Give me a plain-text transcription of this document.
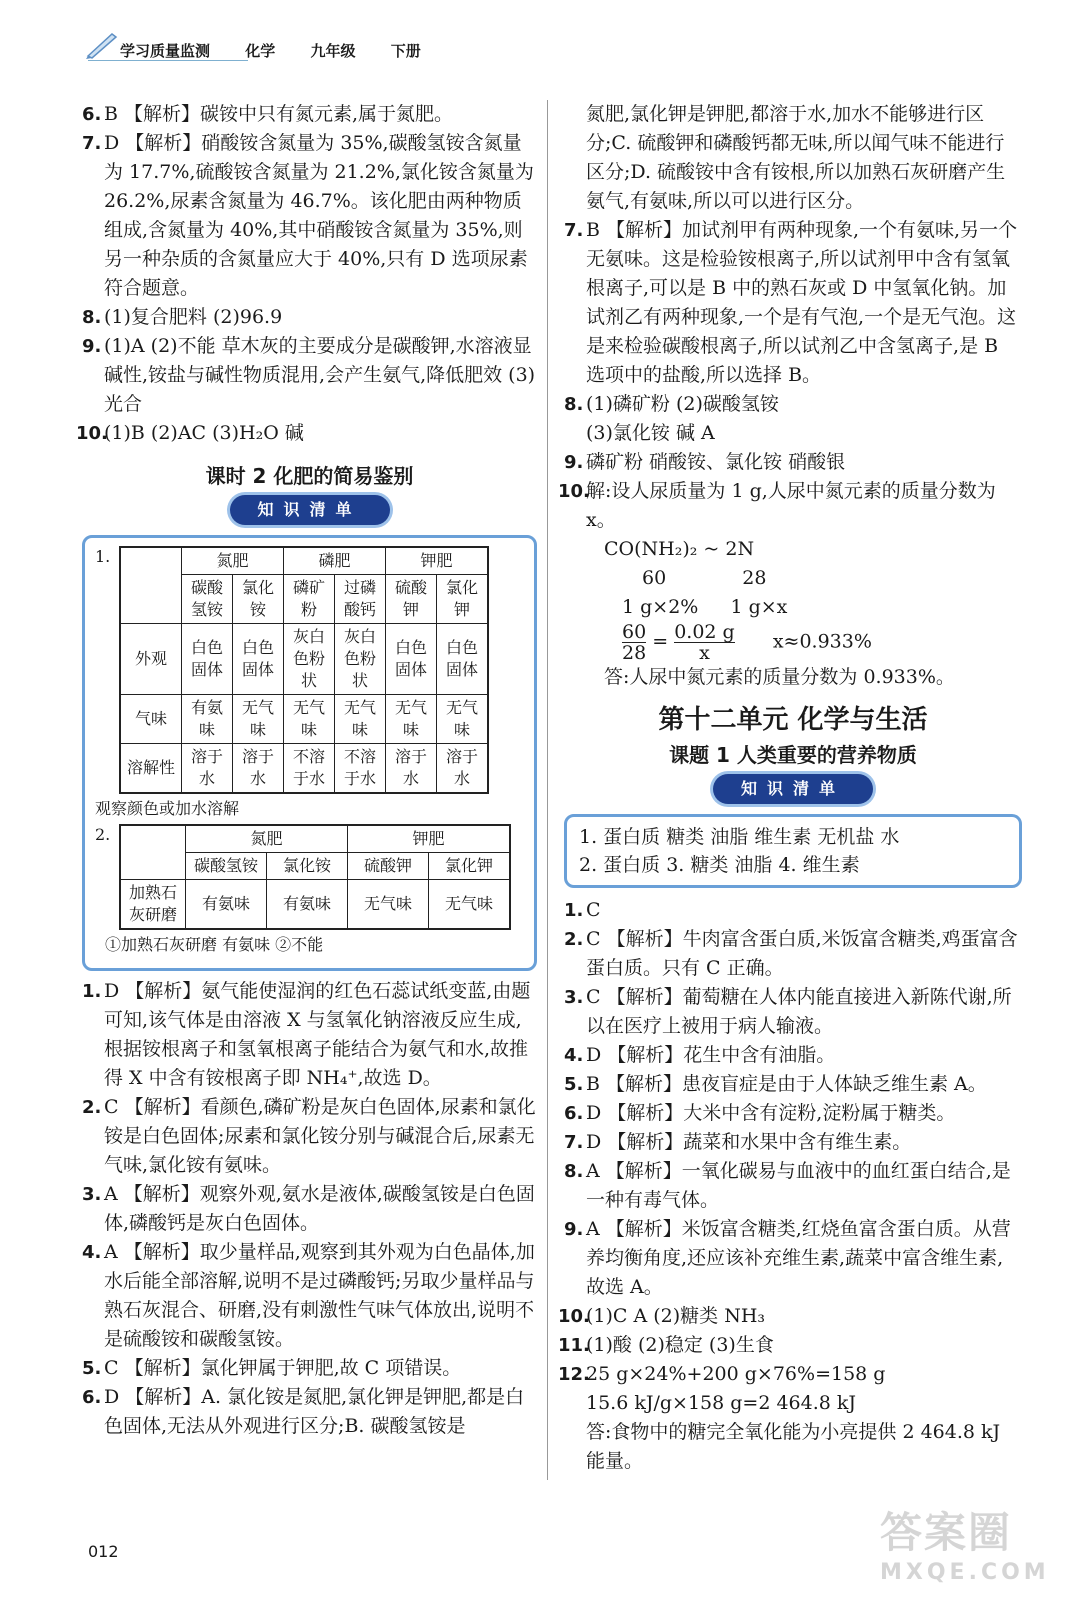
学习质量监测 化学 九年级 下册

6. B 【解析】碳铵中只有氮元素,属于氮肥。

7. D 【解析】硝酸铵含氮量为 35%,碳酸氢铵含氮量为 17.7%,硫酸铵含氮量为 21.2%,氯化铵含氮量为 26.2%,尿素含氮量为 46.7%。该化肥由两种物质组成,含氮量为 40%,其中硝酸铵含氮量为 35%,则另一种杂质的含氮量应大于 40%,只有 D 选项尿素符合题意。

8. (1)复合肥料 (2)96.9

9. (1)A (2)不能 草木灰的主要成分是碳酸钾,水溶液显碱性,铵盐与碱性物质混用,会产生氨气,降低肥效 (3)光合

10.
(1)B (2)AC (3)H₂O 碱

课时 2 化肥的简易鉴别
知识清单
1.
		氮肥		磷肥		钾肥	
	碳酸氢铵	氯化铵	磷矿粉	过磷酸钙	硫酸钾	氯化钾
外观	白色固体	白色固体	灰白色粉状	灰白色粉状	白色固体	白色固体
气味	有氨味	无气味	无气味	无气味	无气味	无气味
溶解性	溶于水	溶于水	不溶于水	不溶于水	溶于水	溶于水
观察颜色或加水溶解
2.
		氮肥		钾肥	
	碳酸氢铵	氯化铵	硫酸钾	氯化钾
加熟石灰研磨	有氨味	有氨味	无气味	无气味
①加熟石灰研磨 有氨味 ②不能

1. D 【解析】氨气能使湿润的红色石蕊试纸变蓝,由题可知,该气体是由溶液 X 与氢氧化钠溶液反应生成,根据铵根离子和氢氧根离子能结合为氨气和水,故推得 X 中含有铵根离子即 NH₄⁺,故选 D。

2. C 【解析】看颜色,磷矿粉是灰白色固体,尿素和氯化铵是白色固体;尿素和氯化铵分别与碱混合后,尿素无气味,氯化铵有氨味。

3. A 【解析】观察外观,氨水是液体,碳酸氢铵是白色固体,磷酸钙是灰白色固体。

4. A 【解析】取少量样品,观察到其外观为白色晶体,加水后能全部溶解,说明不是过磷酸钙;另取少量样品与熟石灰混合、研磨,没有刺激性气味气体放出,说明不是硫酸铵和碳酸氢铵。

5. C 【解析】氯化钾属于钾肥,故 C 项错误。

6. D 【解析】A. 氯化铵是氮肥,氯化钾是钾肥,都是白色固体,无法从外观进行区分;B. 碳酸氢铵是

氮肥,氯化钾是钾肥,都溶于水,加水不能够进行区分;C. 硫酸钾和磷酸钙都无味,所以闻气味不能进行区分;D. 硫酸铵中含有铵根,所以加熟石灰研磨产生氨气,有氨味,所以可以进行区分。

7. B 【解析】加试剂甲有两种现象,一个有氨味,另一个无氨味。这是检验铵根离子,所以试剂甲中含有氢氧根离子,可以是 B 中的熟石灰或 D 中氢氧化钠。加试剂乙有两种现象,一个是有气泡,一个是无气泡。这是来检验碳酸根离子,所以试剂乙中含氢离子,是 B 选项中的盐酸,所以选择 B。

8. (1)磷矿粉 (2)碳酸氢铵

(3)氯化铵 碱 A

9. 磷矿粉 硝酸铵、氯化铵 硝酸银

10.
解:设人尿质量为 1 g,人尿中氮元素的质量分数为 x。

CO(NH₂)₂ ~ 2N
60	28
1 g×2% 1 g×x
$\frac{60}{28} = \frac{0.02 g}{x} x\approx 0.933\%$
答:人尿中氮元素的质量分数为 0.933%。
第十二单元 化学与生活
课题 1 人类重要的营养物质
知识清单
1. 蛋白质 糖类 油脂 维生素 无机盐 水
2. 蛋白质 3. 糖类 油脂 4. 维生素

1. C

2. C 【解析】牛肉富含蛋白质,米饭富含糖类,鸡蛋富含蛋白质。只有 C 正确。

3. C 【解析】葡萄糖在人体内能直接进入新陈代谢,所以在医疗上被用于病人输液。

4. D 【解析】花生中含有油脂。

5. B 【解析】患夜盲症是由于人体缺乏维生素 A。

6. D 【解析】大米中含有淀粉,淀粉属于糖类。

7. D 【解析】蔬菜和水果中含有维生素。

8. A 【解析】一氧化碳易与血液中的血红蛋白结合,是一种有毒气体。

9. A 【解析】米饭富含糖类,红烧鱼富含蛋白质。从营养均衡角度,还应该补充维生素,蔬菜中富含维生素,故选 A。

10.
(1)C A (2)糖类 NH₃

11.
(1)酸 (2)稳定 (3)生食

12.
25 g×24%+200 g×76%=158 g

15.6 kJ/g×158 g=2 464.8 kJ
答:食物中的糖完全氧化能为小亮提供 2 464.8 kJ 能量。
012	答案圈
MXQE.COM
